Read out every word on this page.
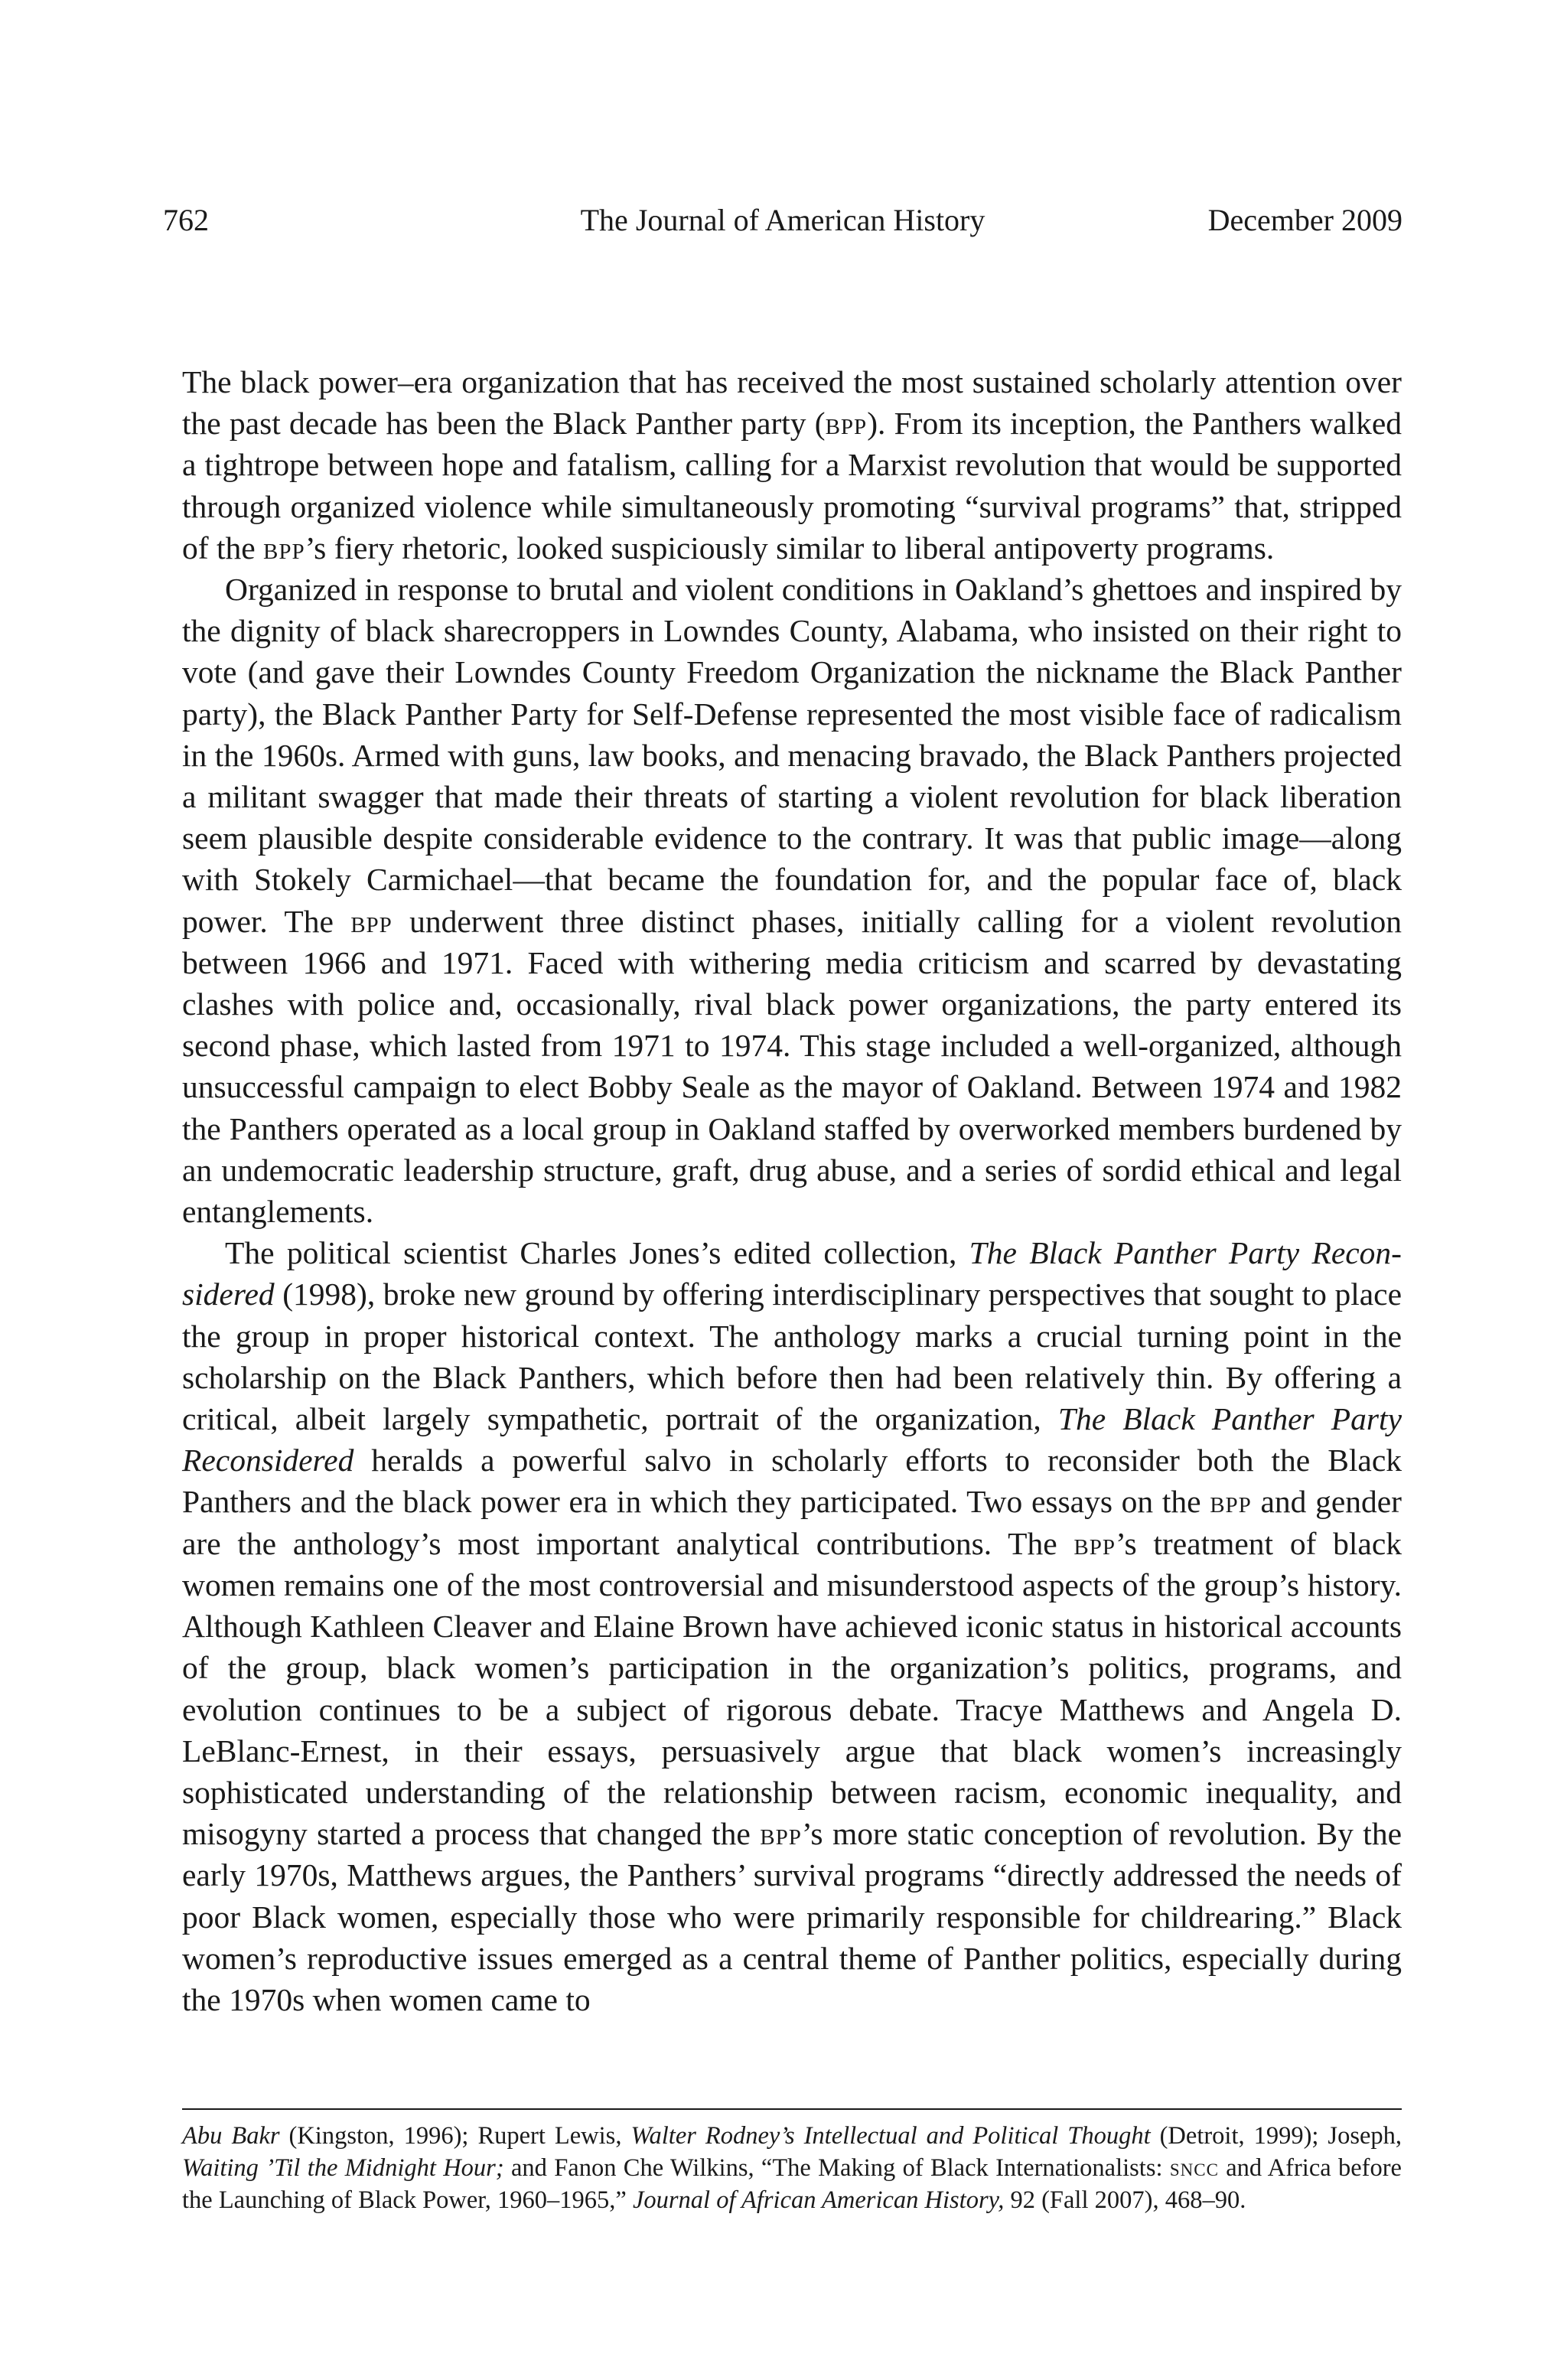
762	The Journal of American History	December 2009

The black power–era organization that has received the most sustained scholarly attention over the past decade has been the Black Panther party (bpp). From its inception, the Panthers walked a tightrope between hope and fatalism, calling for a Marxist revolution that would be supported through organized violence while simultaneously promoting “survival programs” that, stripped of the bpp’s fiery rhetoric, looked suspiciously similar to liberal antipoverty programs.

Organized in response to brutal and violent conditions in Oakland’s ghettoes and inspired by the dignity of black sharecroppers in Lowndes County, Alabama, who insisted on their right to vote (and gave their Lowndes County Freedom Organization the nickname the Black Panther party), the Black Panther Party for Self-Defense represented the most visible face of radicalism in the 1960s. Armed with guns, law books, and menacing bravado, the Black Panthers projected a militant swagger that made their threats of starting a violent revolution for black liberation seem plausible despite considerable evidence to the contrary. It was that public image—along with Stokely Carmichael—that became the foundation for, and the popular face of, black power. The bpp underwent three distinct phases, initially calling for a violent revolution between 1966 and 1971. Faced with withering media criticism and scarred by devastating clashes with police and, occasionally, rival black power organizations, the party entered its second phase, which lasted from 1971 to 1974. This stage included a well-organized, although unsuccessful campaign to elect Bobby Seale as the mayor of Oakland. Between 1974 and 1982 the Panthers operated as a local group in Oakland staffed by overworked members burdened by an undemocratic leadership structure, graft, drug abuse, and a series of sordid ethical and legal entanglements.

The political scientist Charles Jones’s edited collection, The Black Panther Party Reconsidered (1998), broke new ground by offering interdisciplinary perspectives that sought to place the group in proper historical context. The anthology marks a crucial turning point in the scholarship on the Black Panthers, which before then had been relatively thin. By offering a critical, albeit largely sympathetic, portrait of the organization, The Black Panther Party Reconsidered heralds a powerful salvo in scholarly efforts to reconsider both the Black Panthers and the black power era in which they participated. Two essays on the bpp and gender are the anthology’s most important analytical contributions. The bpp’s treatment of black women remains one of the most controversial and misunderstood aspects of the group’s history. Although Kathleen Cleaver and Elaine Brown have achieved iconic status in historical accounts of the group, black women’s participation in the organization’s politics, programs, and evolution continues to be a subject of rigorous debate. Tracye Matthews and Angela D. LeBlanc-Ernest, in their essays, persuasively argue that black women’s increasingly sophisticated understanding of the relationship between racism, economic inequality, and misogyny started a process that changed the bpp’s more static conception of revolution. By the early 1970s, Matthews argues, the Panthers’ survival programs “directly addressed the needs of poor Black women, especially those who were primarily responsible for childrearing.” Black women’s reproductive issues emerged as a central theme of Panther politics, especially during the 1970s when women came to

Abu Bakr (Kingston, 1996); Rupert Lewis, Walter Rodney’s Intellectual and Political Thought (Detroit, 1999); Joseph, Waiting ’Til the Midnight Hour; and Fanon Che Wilkins, “The Making of Black Internationalists: sncc and Africa before the Launching of Black Power, 1960–1965,” Journal of African American History, 92 (Fall 2007), 468–90.
